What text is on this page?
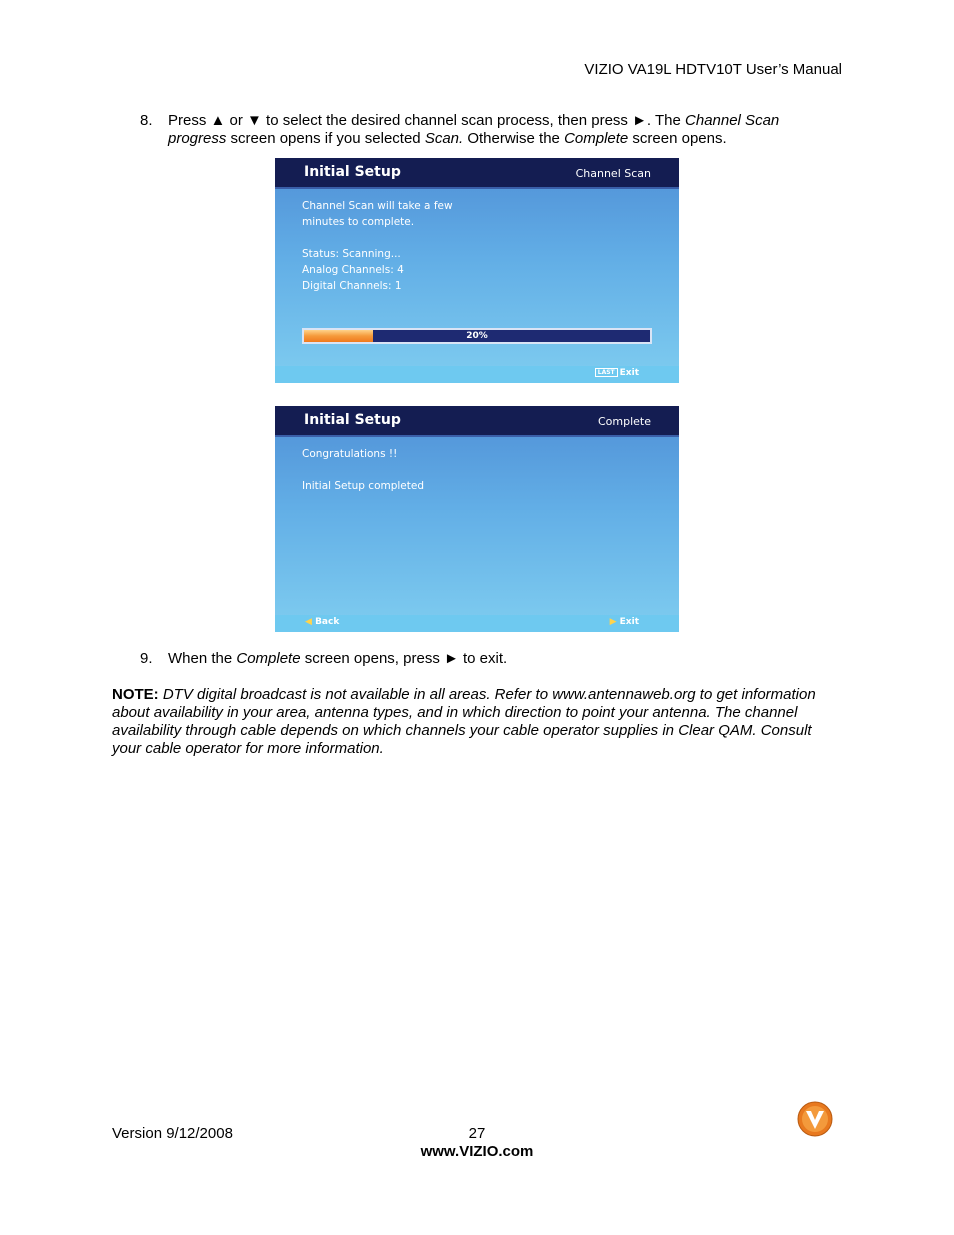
VIZIO VA19L HDTV10T User’s Manual
8. Press ▲ or ▼ to select the desired channel scan process, then press ►. The Channel Scan progress screen opens if you selected Scan. Otherwise the Complete screen opens.
Initial Setup	Channel Scan
Channel Scan will take a few
minutes to complete.
Status: Scanning...
Analog Channels: 4
Digital Channels: 1
20%
LAST Exit
Initial Setup	Complete
Congratulations !!
Initial Setup completed
◀ Back	▶ Exit
9. When the Complete screen opens, press ► to exit.
NOTE: DTV digital broadcast is not available in all areas. Refer to www.antennaweb.org to get information about availability in your area, antenna types, and in which direction to point your antenna. The channel availability through cable depends on which channels your cable operator supplies in Clear QAM. Consult your cable operator for more information.
Version 9/12/2008	27
www.VIZIO.com
